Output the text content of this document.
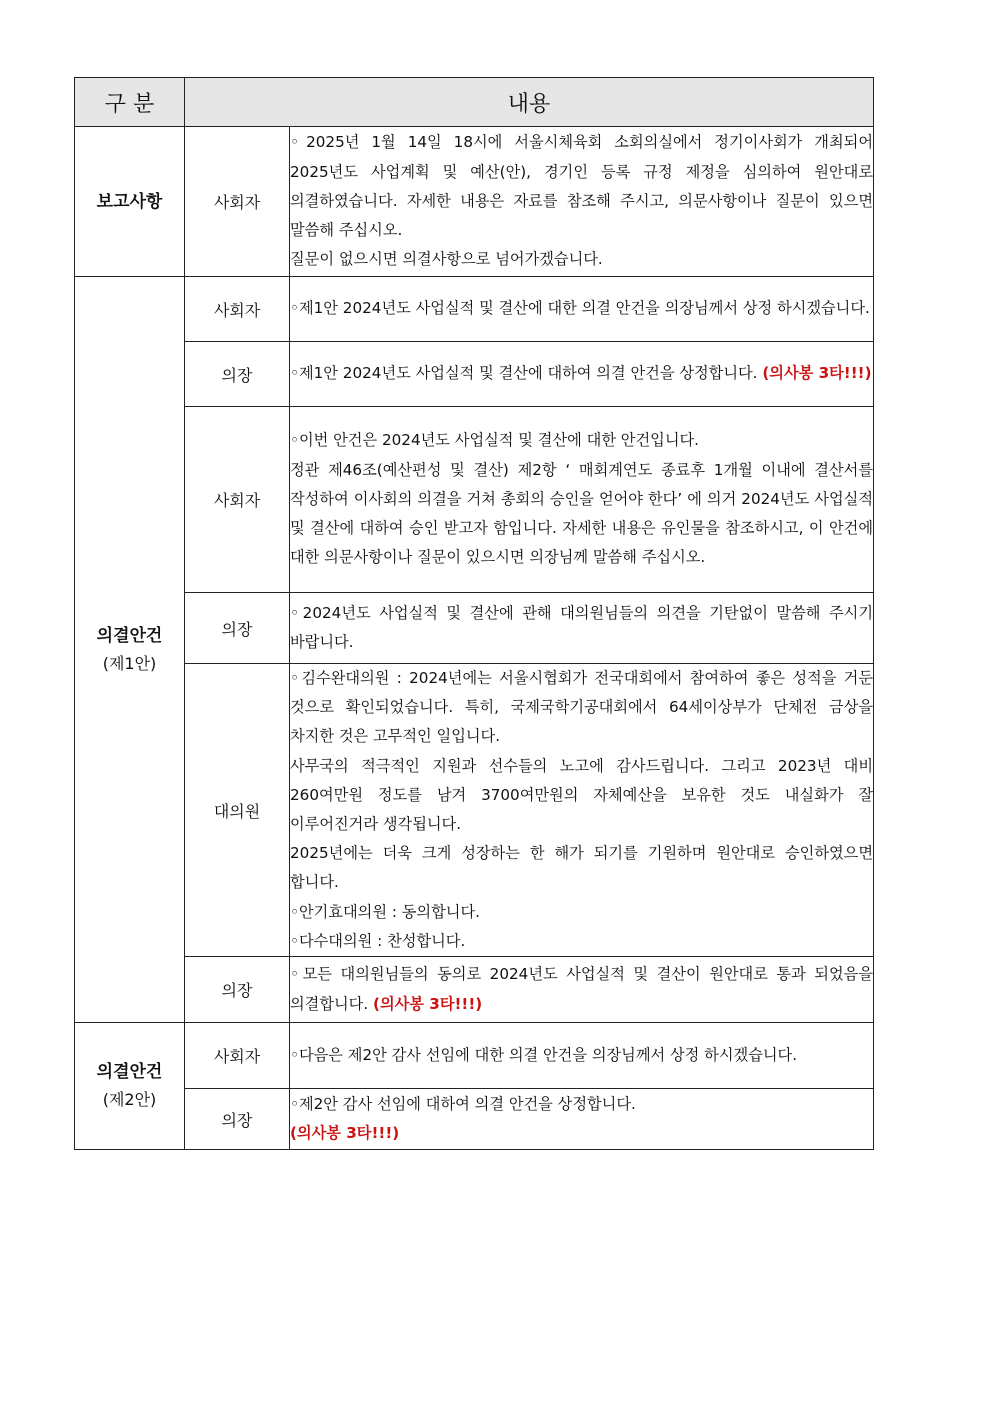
구 분	내용	

보고사항	사회자	◦2025년 1월 14일 18시에 서울시체육회 소회의실에서 정기이사회가 개최되어 2025년도 사업계획 및 예산(안), 경기인 등록 규정 제정을 심의하여 원안대로 의결하였습니다. 자세한 내용은 자료를 참조해 주시고, 의문사항이나 질문이 있으면 말씀해 주십시오.

질문이 없으시면 의결사항으로 넘어가겠습니다.

의결안건
(제1안)	사회자	◦제1안 2024년도 사업실적 및 결산에 대한 의결 안건을 의장님께서 상정 하시겠습니다.

	의장	◦제1안 2024년도 사업실적 및 결산에 대하여 의결 안건을 상정합니다. (의사봉 3타!!!)

	사회자	◦이번 안건은 2024년도 사업실적 및 결산에 대한 안건입니다.

정관 제46조(예산편성 및 결산) 제2항 ‘ 매회계연도 종료후 1개월 이내에 결산서를 작성하여 이사회의 의결을 거쳐 총회의 승인을 얻어야 한다’ 에 의거 2024년도 사업실적 및 결산에 대하여 승인 받고자 함입니다. 자세한 내용은 유인물을 참조하시고, 이 안건에 대한 의문사항이나 질문이 있으시면 의장님께 말씀해 주십시오.

	의장	◦2024년도 사업실적 및 결산에 관해 대의원님들의 의견을 기탄없이 말씀해 주시기 바랍니다.

	대의원	◦김수완대의원 : 2024년에는 서울시협회가 전국대회에서 참여하여 좋은 성적을 거둔 것으로 확인되었습니다. 특히, 국제국학기공대회에서 64세이상부가 단체전 금상을 차지한 것은 고무적인 일입니다.

사무국의 적극적인 지원과 선수들의 노고에 감사드립니다. 그리고 2023년 대비 260여만원 정도를 남겨 3700여만원의 자체예산을 보유한 것도 내실화가 잘 이루어진거라 생각됩니다.

2025년에는 더욱 크게 성장하는 한 해가 되기를 기원하며 원안대로 승인하였으면 합니다.

◦안기효대의원 : 동의합니다.

◦다수대의원 : 찬성합니다.

	의장	◦모든 대의원님들의 동의로 2024년도 사업실적 및 결산이 원안대로 통과 되었음을 의결합니다. (의사봉 3타!!!)

의결안건
(제2안)	사회자	◦다음은 제2안 감사 선임에 대한 의결 안건을 의장님께서 상정 하시겠습니다.

	의장	◦제2안 감사 선임에 대하여 의결 안건을 상정합니다.

(의사봉 3타!!!)
